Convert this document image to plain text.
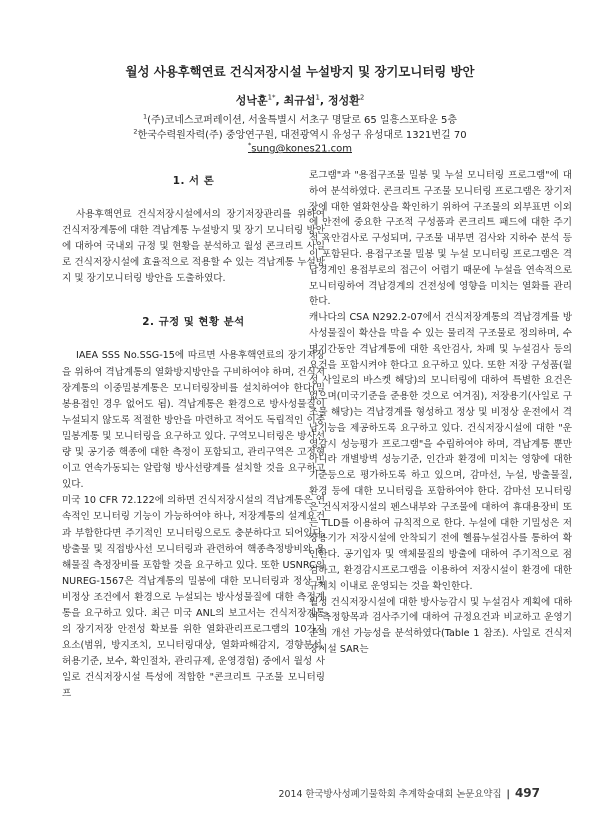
월성 사용후핵연료 건식저장시설 누설방지 및 장기모니터링 방안
성낙훈$^{1*}$, 최규섭$^1$, 정성환$^2$
$^1$(주)코네스코퍼레이션, 서울특별시 서초구 명달로 65 일흥스포타운 5층
$^2$한국수력원자력(주) 중앙연구원, 대전광역시 유성구 유성대로 1321번길 70
*sung@kones21.com
1. 서 론

사용후핵연료 건식저장시설에서의 장기저장관리를 위하여 건식저장계통에 대한 격납계통 누설방지 및 장기 모니터링 방안에 대하여 국내외 규정 및 현황을 분석하고 월성 콘크리트 사일로 건식저장시설에 효율적으로 적용할 수 있는 격납계통 누설방지 및 장기모니터링 방안을 도출하였다.

2. 규정 및 현황 분석

IAEA SSS No.SSG-15에 따르면 사용후핵연료의 장기저장을 위하여 격납계통의 열화방지방안을 구비하여야 하며, 건식저장계통의 이중밀봉계통은 모니터링장비를 설치하여야 한다(밀봉용접인 경우 없어도 됨). 격납계통은 환경으로 방사성물질이 누설되지 않도록 적절한 방안을 마련하고 적어도 독립적인 이중밀봉계통 및 모니터링을 요구하고 있다. 구역모니터링은 방사선량 및 공기중 핵종에 대한 측정이 포함되고, 관리구역은 고정형이고 연속가동되는 알람형 방사선량계를 설치할 것을 요구하고 있다.

미국 10 CFR 72.122에 의하면 건식저장시설의 격납계통은 연속적인 모니터링 기능이 가능하여야 하나, 저장계통의 설계요건과 부합한다면 주기적인 모니터링으로도 충분하다고 되어있다. 방출물 및 직접방사선 모니터링과 관련하여 핵종측정방비와 용해물질 측정장비를 포함할 것을 요구하고 있다. 또한 USNRC의 NUREG-1567은 격납계통의 밀봉에 대한 모니터링과 정상 및 비정상 조건에서 환경으로 누설되는 방사성물질에 대한 측정계통을 요구하고 있다. 최근 미국 ANL의 보고서는 건식저장계통의 장기저장 안전성 확보를 위한 열화관리프로그램의 10가지 요소(범위, 방지조치, 모니터링대상, 열화파해감지, 경향분석, 허용기준, 보수, 확인절차, 관리규제, 운영경험) 중에서 월성 사일로 건식저장시설 특성에 적합한 "콘크리트 구조물 모니터링 프

로그램"과 "용접구조물 밀봉 및 누설 모니터링 프로그램"에 대하여 분석하였다. 콘크리트 구조물 모니터링 프로그램은 장기저장에 대한 열화현상을 확인하기 위하여 구조물의 외부표면 이외에 안전에 중요한 구조적 구성품과 콘크리트 패드에 대한 주기적 육안검사로 구성되며, 구조물 내부면 검사와 지하수 분석 등이 포함된다. 용접구조물 밀봉 및 누설 모니터링 프로그램은 격납경계인 용접부로의 접근이 어렵기 때문에 누설을 연속적으로 모니터링하여 격납경계의 건전성에 영향을 미치는 열화를 관리한다.

캐나다의 CSA N292.2-07에서 건식저장계통의 격납경계를 방사성물질이 확산을 막을 수 있는 물리적 구조물로 정의하며, 수명기간동안 격납계통에 대한 육안검사, 차폐 및 누설검사 등의 요건을 포함시켜야 한다고 요구하고 있다. 또한 저장 구성품(월성 사일로의 바스켓 해당)의 모니터링에 대하여 특별한 요건은 없으며(미국기준을 준용한 것으로 여겨짐), 저장용기(사일로 구조물 해당)는 격납경계를 형성하고 정상 및 비정상 운전에서 격납기능을 제공하도록 요구하고 있다. 건식저장시설에 대한 "운영감시 성능평가 프로그램"을 수립하여야 하며, 격납계통 뿐만 아니라 개별방벽 성능기준, 인간과 환경에 미치는 영향에 대한 기준등으로 평가하도록 하고 있으며, 감마선, 누설, 방출물질, 환경 등에 대한 모니터링을 포함하여야 한다. 감마선 모니터링은 건식저장시설의 펜스내부와 구조물에 대하여 휴대용장비 또는 TLD를 이용하여 규칙적으로 한다. 누설에 대한 기밀성은 저장용기가 저장시설에 안착되기 전에 헬륨누설검사를 통하여 확인한다. 공기입자 및 액체물질의 방출에 대하여 주기적으로 점검하고, 환경감시프로그램을 이용하여 저장시설이 환경에 대한 규제치 이내로 운영되는 것을 확인한다.

월성 건식저장시설에 대한 방사능감시 및 누설검사 계획에 대하여 측정항목과 검사주기에 대하여 규정요건과 비교하고 운영기준의 개선 가능성을 분석하였다(Table 1 참조). 사일로 건식저장시설 SAR는

2014 한국방사성폐기물학회 추계학술대회 논문요약집 | 497
